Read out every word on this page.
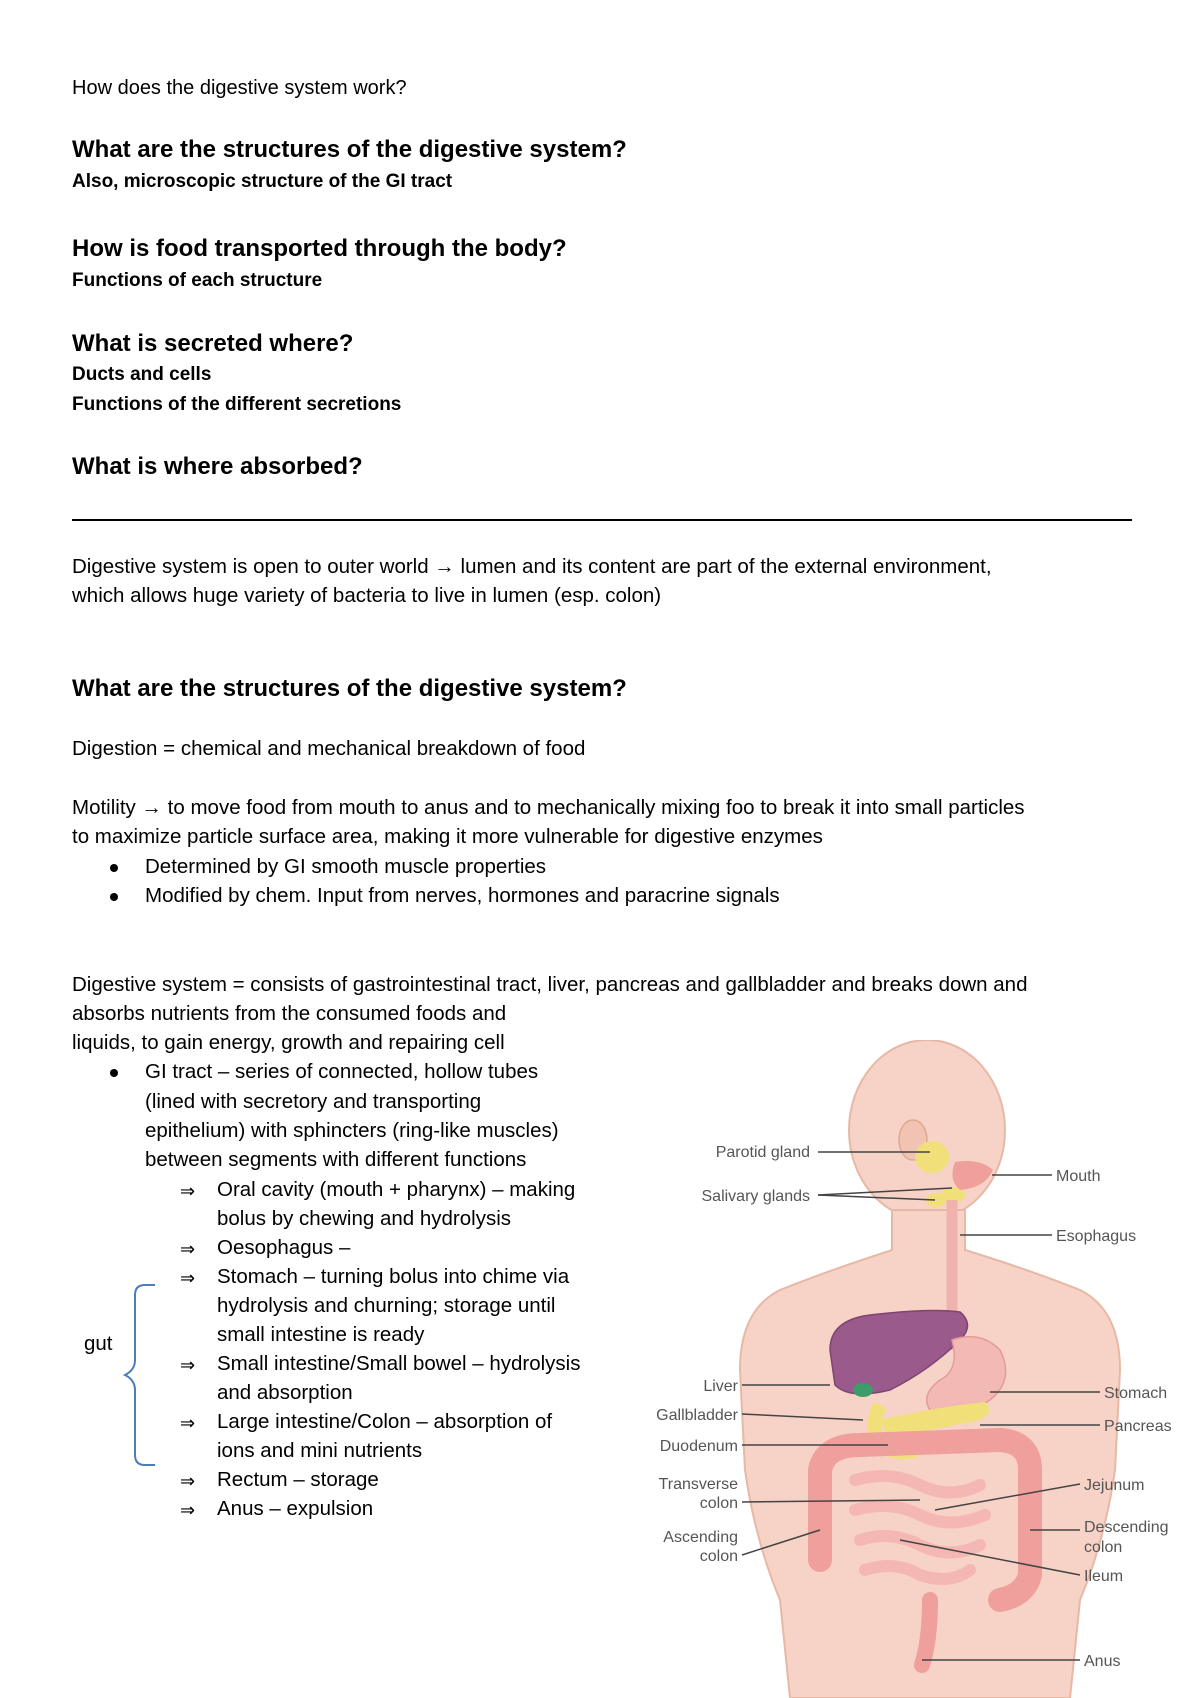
How does the digestive system work?
What are the structures of the digestive system?
Also, microscopic structure of the GI tract
How is food transported through the body?
Functions of each structure
What is secreted where?
Ducts and cells
Functions of the different secretions
What is where absorbed?
Digestive system is open to outer world → lumen and its content are part of the external environment,
which allows huge variety of bacteria to live in lumen (esp. colon)
What are the structures of the digestive system?
Digestion = chemical and mechanical breakdown of food
Motility → to move food from mouth to anus and to mechanically mixing foo to break it into small particles
to maximize particle surface area, making it more vulnerable for digestive enzymes
Determined by GI smooth muscle properties
Modified by chem. Input from nerves, hormones and paracrine signals
Digestive system = consists of gastrointestinal tract, liver, pancreas and gallbladder and breaks down and
absorbs nutrients from the consumed foods and
liquids, to gain energy, growth and repairing cell
GI tract – series of connected, hollow tubes
(lined with secretory and transporting
epithelium) with sphincters (ring-like muscles)
between segments with different functions
⇒ Oral cavity (mouth + pharynx) – making
bolus by chewing and hydrolysis
⇒ Oesophagus –
⇒ Stomach – turning bolus into chime via
hydrolysis and churning; storage until
small intestine is ready
⇒ Small intestine/Small bowel – hydrolysis
and absorption
⇒ Large intestine/Colon – absorption of
ions and mini nutrients
⇒ Rectum – storage
⇒ Anus – expulsion
gut
Parotid gland
Salivary glands
Mouth
Esophagus
Liver
Gallbladder
Duodenum
Transverse
colon
Ascending
colon
Stomach
Pancreas
Jejunum
Descending
colon
Ileum
Anus
